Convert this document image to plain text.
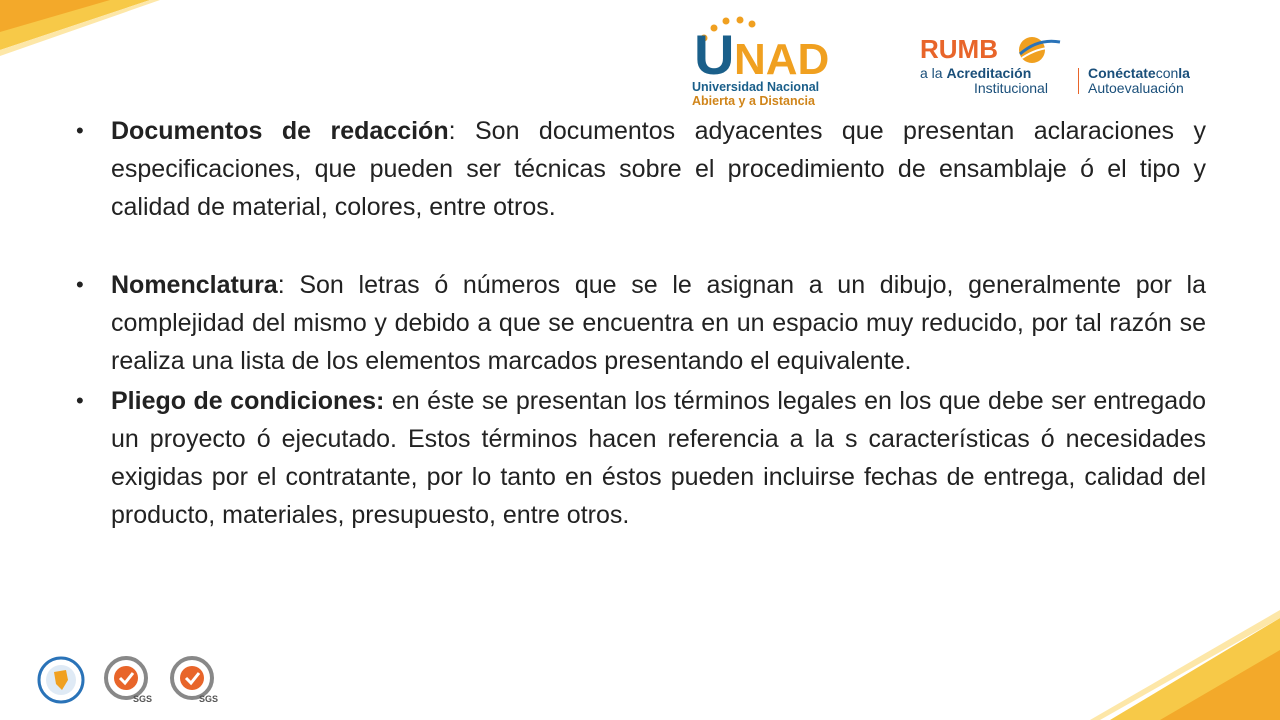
U NAD
Universidad Nacional
Abierta y a Distancia
RUMB
a la Acreditación
Institucional
Conéctateconla
Autoevaluación
•	Documentos de redacción: Son documentos adyacentes que presentan aclaraciones y especificaciones, que pueden ser técnicas sobre el procedimiento de ensamblaje ó el tipo y calidad de material, colores, entre otros.
•	Nomenclatura: Son letras ó números que se le asignan a un dibujo, generalmente por la complejidad del mismo y debido a que se encuentra en un espacio muy reducido, por tal razón se realiza una lista de los elementos marcados presentando el equivalente.
•	Pliego de condiciones: en éste se presentan los términos legales en los que debe ser entregado un proyecto ó ejecutado. Estos términos hacen referencia a la s características ó necesidades exigidas por el contratante, por lo tanto en éstos pueden incluirse fechas de entrega, calidad del producto, materiales, presupuesto, entre otros.
SGS	SGS
